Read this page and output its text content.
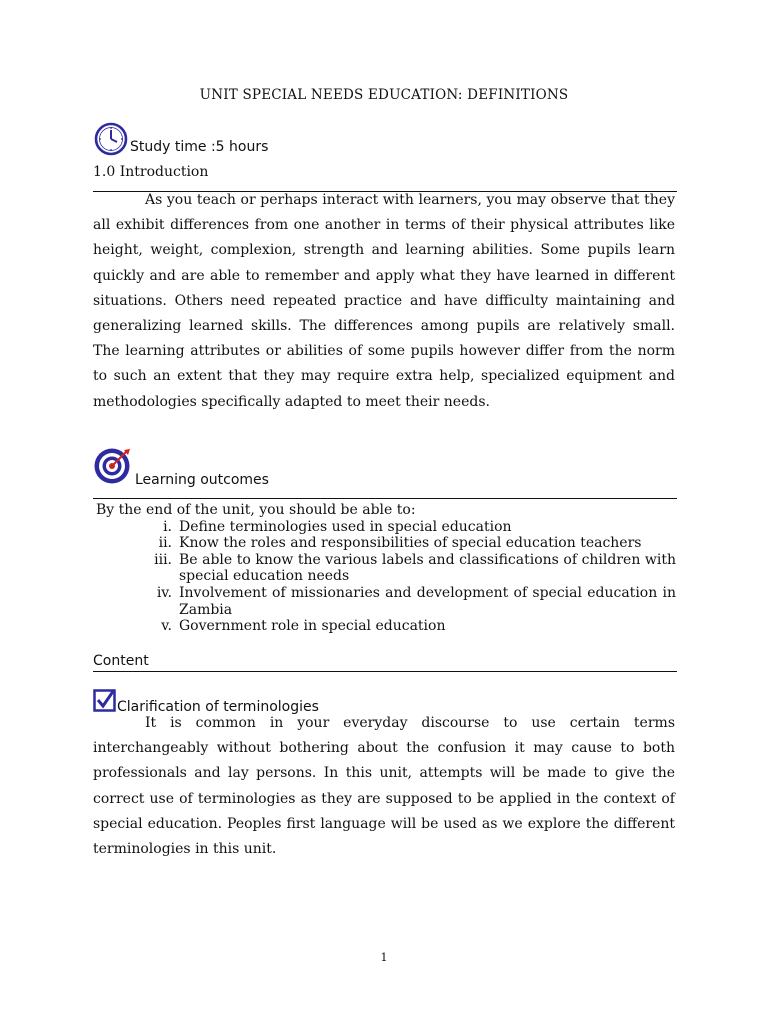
UNIT SPECIAL NEEDS EDUCATION: DEFINITIONS
Study time :5 hours
1.0 Introduction
As you teach or perhaps interact with learners, you may observe that they all exhibit differences from one another in terms of their physical attributes like height, weight, complexion, strength and learning abilities. Some pupils learn quickly and are able to remember and apply what they have learned in different situations. Others need repeated practice and have difficulty maintaining and generalizing learned skills. The differences among pupils are relatively small. The learning attributes or abilities of some pupils however differ from the norm to such an extent that they may require extra help, specialized equipment and methodologies specifically adapted to meet their needs.
Learning outcomes
By the end of the unit, you should be able to:
i. Define terminologies used in special education
ii. Know the roles and responsibilities of special education teachers
iii. Be able to know the various labels and classifications of children with special education needs
iv. Involvement of missionaries and development of special education in Zambia
v. Government role in special education
Content
Clarification of terminologies
It is common in your everyday discourse to use certain terms interchangeably without bothering about the confusion it may cause to both professionals and lay persons. In this unit, attempts will be made to give the correct use of terminologies as they are supposed to be applied in the context of special education. Peoples first language will be used as we explore the different terminologies in this unit.
1
